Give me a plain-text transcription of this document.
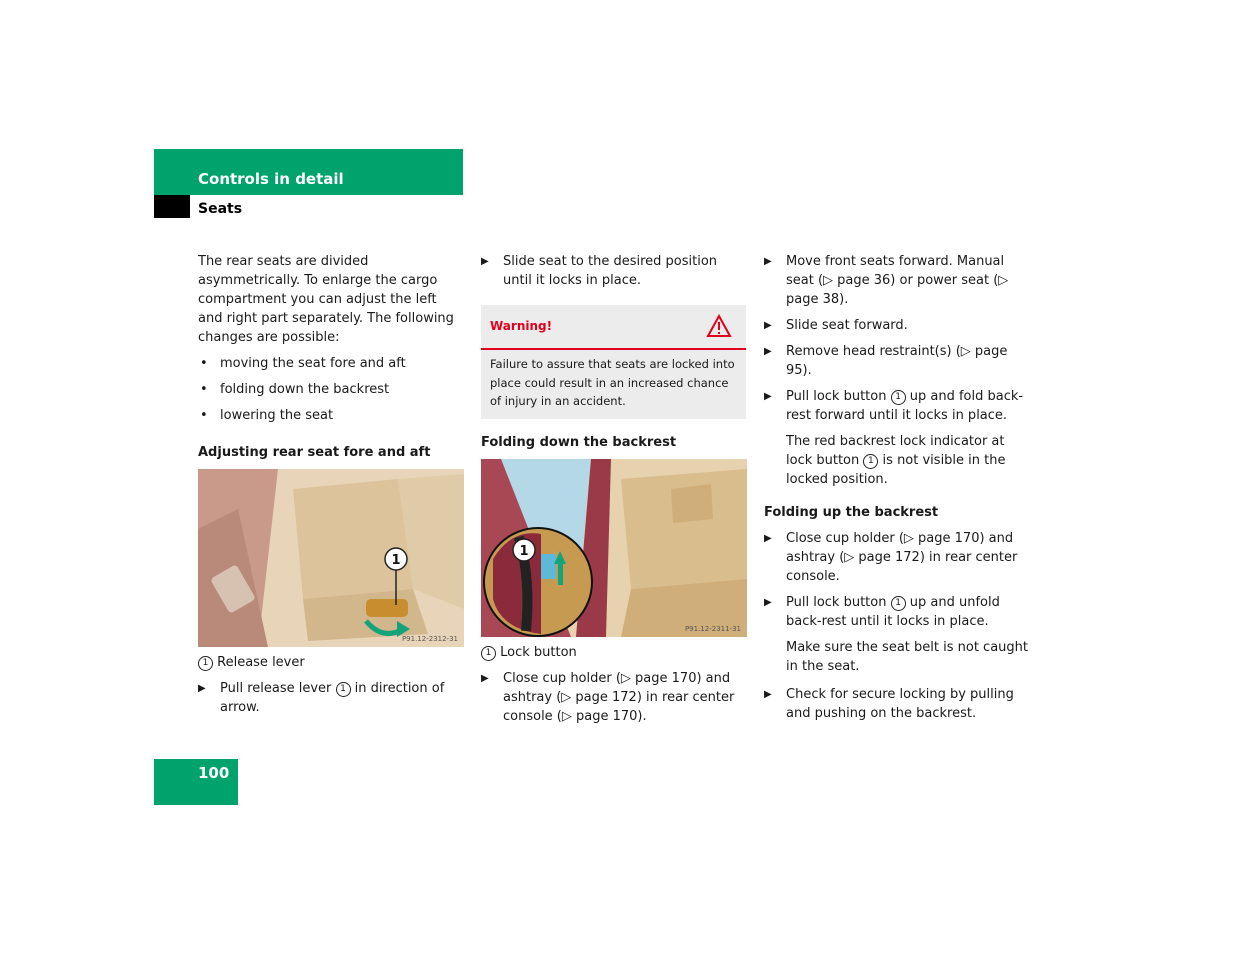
Controls in detail
Seats

The rear seats are divided asymmetrically. To enlarge the cargo compartment you can adjust the left and right part separately. The following changes are possible:

• moving the seat fore and aft
• folding down the backrest
• lowering the seat
Adjusting rear seat fore and aft
1
P91.12-2312-31
1 Release lever
▶ Pull release lever 1 in direction of arrow.
▶ Slide seat to the desired position until it locks in place.
Warning!
Failure to assure that seats are locked into place could result in an increased chance of injury in an accident.
Folding down the backrest
1
P91.12-2311-31
1 Lock button
▶ Close cup holder (▷ page 170) and ashtray (▷ page 172) in rear center console (▷ page 170).
▶ Move front seats forward. Manual seat (▷ page 36) or power seat (▷ page 38).
▶ Slide seat forward.
▶ Remove head restraint(s) (▷ page 95).
▶ Pull lock button 1 up and fold back-rest forward until it locks in place.
The red backrest lock indicator at lock button 1 is not visible in the locked position.
Folding up the backrest
▶ Close cup holder (▷ page 170) and ashtray (▷ page 172) in rear center console.
▶ Pull lock button 1 up and unfold back-rest until it locks in place.
Make sure the seat belt is not caught in the seat.
▶ Check for secure locking by pulling and pushing on the backrest.
100
